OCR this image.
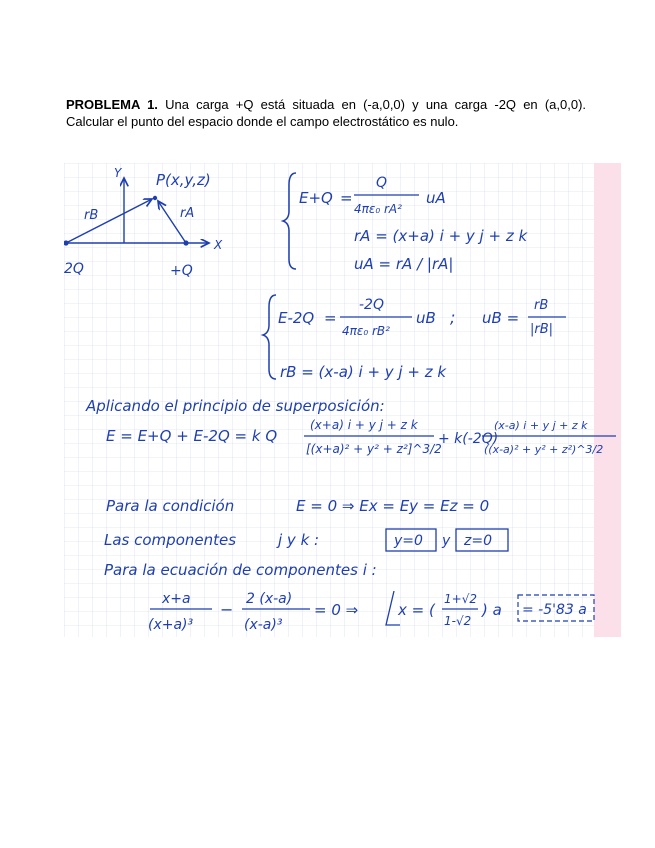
PROBLEMA 1. Una carga +Q está situada en (-a,0,0) y una carga -2Q en (a,0,0). Calcular el punto del espacio donde el campo electrostático es nulo.
Y
X
P(x,y,z)
rB	rA
2Q	+Q
E+Q =
Q
4πε₀ rA²
uA
rA = (x+a) i + y j + z k
uA = rA / |rA|
E-2Q =
-2Q
4πε₀ rB²
uB ; uB =
rB
|rB|
rB = (x-a) i + y j + z k
Aplicando el principio de superposición:
E = E+Q + E-2Q = k Q
(x+a) i + y j + z k
[(x+a)² + y² + z²]^3/2
+ k(-2Q)
(x-a) i + y j + z k
((x-a)² + y² + z²)^3/2
Para la condición	E = 0 ⇒ Ex = Ey = Ez = 0
Las componentes	j y k :	y=0 y z=0
Para la ecuación de componentes i :
x+a
(x+a)³
−
2 (x-a)
(x-a)³
= 0 ⇒	x = (
1+√2
1-√2
) a = -5'83 a
